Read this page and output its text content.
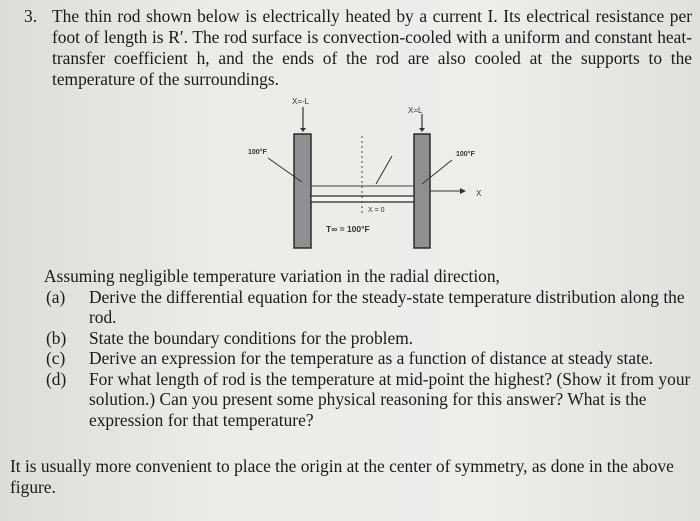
3. The thin rod shown below is electrically heated by a current I. Its electrical resistance per foot of length is R′. The rod surface is convection-cooled with a uniform and constant heat-transfer coefficient h, and the ends of the rod are also cooled at the supports to the temperature of the surroundings.
X=-L
X=L
100°F	100°F
X
X = 0
T∞ = 100°F

Assuming negligible temperature variation in the radial direction,

(a) Derive the differential equation for the steady-state temperature distribution along the rod.

(b) State the boundary conditions for the problem.

(c) Derive an expression for the temperature as a function of distance at steady state.

(d) For what length of rod is the temperature at mid-point the highest? (Show it from your solution.) Can you present some physical reasoning for this answer? What is the expression for that temperature?

It is usually more convenient to place the origin at the center of symmetry, as done in the above figure.
